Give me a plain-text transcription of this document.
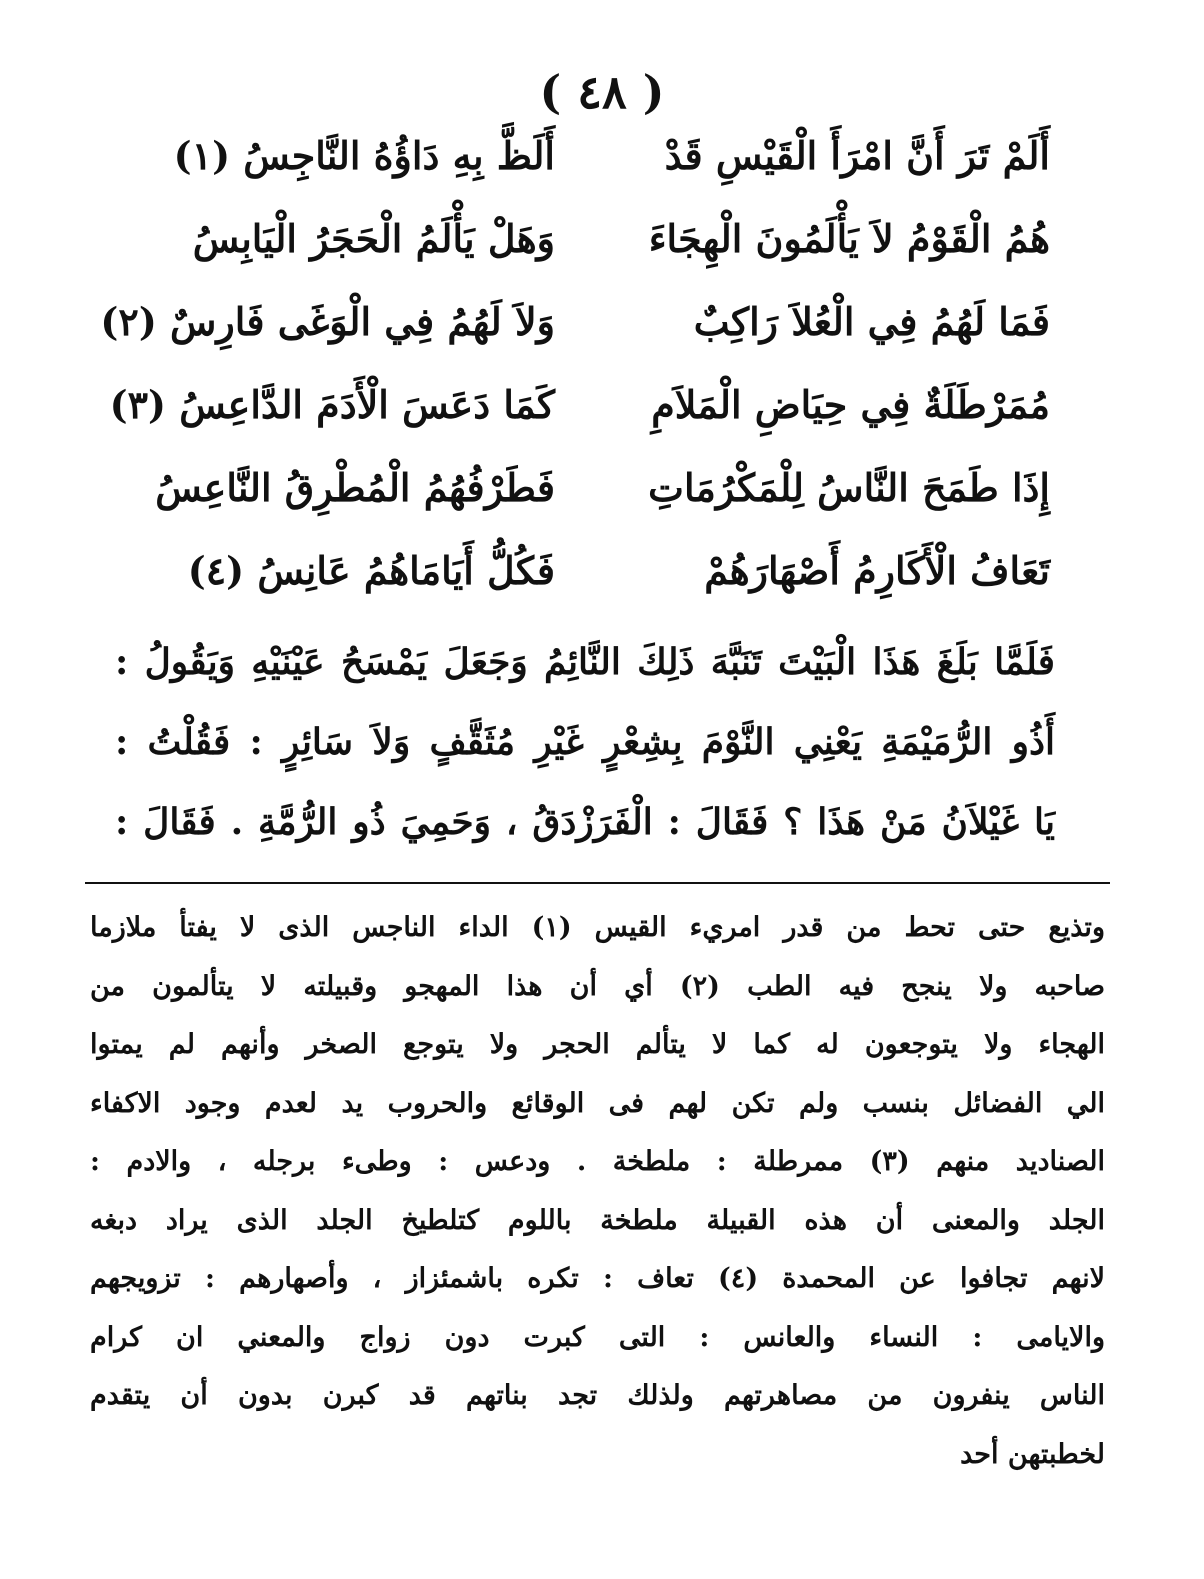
( ٤٨ )
أَلَمْ تَرَ أَنَّ امْرَأَ الْقَيْسِ قَدْ
أَلَظَّ بِهِ دَاؤُهُ النَّاجِسُ (١)
هُمُ الْقَوْمُ لاَ يَأْلَمُونَ الْهِجَاءَ
وَهَلْ يَأْلَمُ الْحَجَرُ الْيَابِسُ
فَمَا لَهُمُ فِي الْعُلاَ رَاكِبٌ
وَلاَ لَهُمُ فِي الْوَغَى فَارِسٌ (٢)
مُمَرْطَلَةٌ فِي حِيَاضِ الْمَلاَمِ
كَمَا دَعَسَ الْأَدَمَ الدَّاعِسُ (٣)
إِذَا طَمَحَ النَّاسُ لِلْمَكْرُمَاتِ
فَطَرْفُهُمُ الْمُطْرِقُ النَّاعِسُ
تَعَافُ الْأَكَارِمُ أَصْهَارَهُمْ
فَكُلُّ أَيَامَاهُمُ عَانِسُ (٤)
فَلَمَّا بَلَغَ هَذَا الْبَيْتَ تَنَبَّهَ ذَلِكَ النَّائِمُ وَجَعَلَ يَمْسَحُ عَيْنَيْهِ وَيَقُولُ :
أَذُو الرُّمَيْمَةِ يَعْنِي النَّوْمَ بِشِعْرٍ غَيْرِ مُثَقَّفٍ وَلاَ سَائِرٍ : فَقُلْتُ :
يَا غَيْلاَنُ مَنْ هَذَا ؟ فَقَالَ : الْفَرَزْدَقُ ، وَحَمِيَ ذُو الرُّمَّةِ . فَقَالَ :
وتذيع حتى تحط من قدر امريء القيس (١) الداء الناجس الذى لا يفتأ ملازما
صاحبه ولا ينجح فيه الطب (٢) أي أن هذا المهجو وقبيلته لا يتألمون من
الهجاء ولا يتوجعون له كما لا يتألم الحجر ولا يتوجع الصخر وأنهم لم يمتوا
الي الفضائل بنسب ولم تكن لهم فى الوقائع والحروب يد لعدم وجود الاكفاء
الصناديد منهم (٣) ممرطلة : ملطخة . ودعس : وطىء برجله ، والادم :
الجلد والمعنى أن هذه القبيلة ملطخة باللوم كتلطيخ الجلد الذى يراد دبغه
لانهم تجافوا عن المحمدة (٤) تعاف : تكره باشمئزاز ، وأصهارهم : تزويجهم
والايامى : النساء والعانس : التى كبرت دون زواج والمعني ان كرام
الناس ينفرون من مصاهرتهم ولذلك تجد بناتهم قد كبرن بدون أن يتقدم
لخطبتهن أحد
